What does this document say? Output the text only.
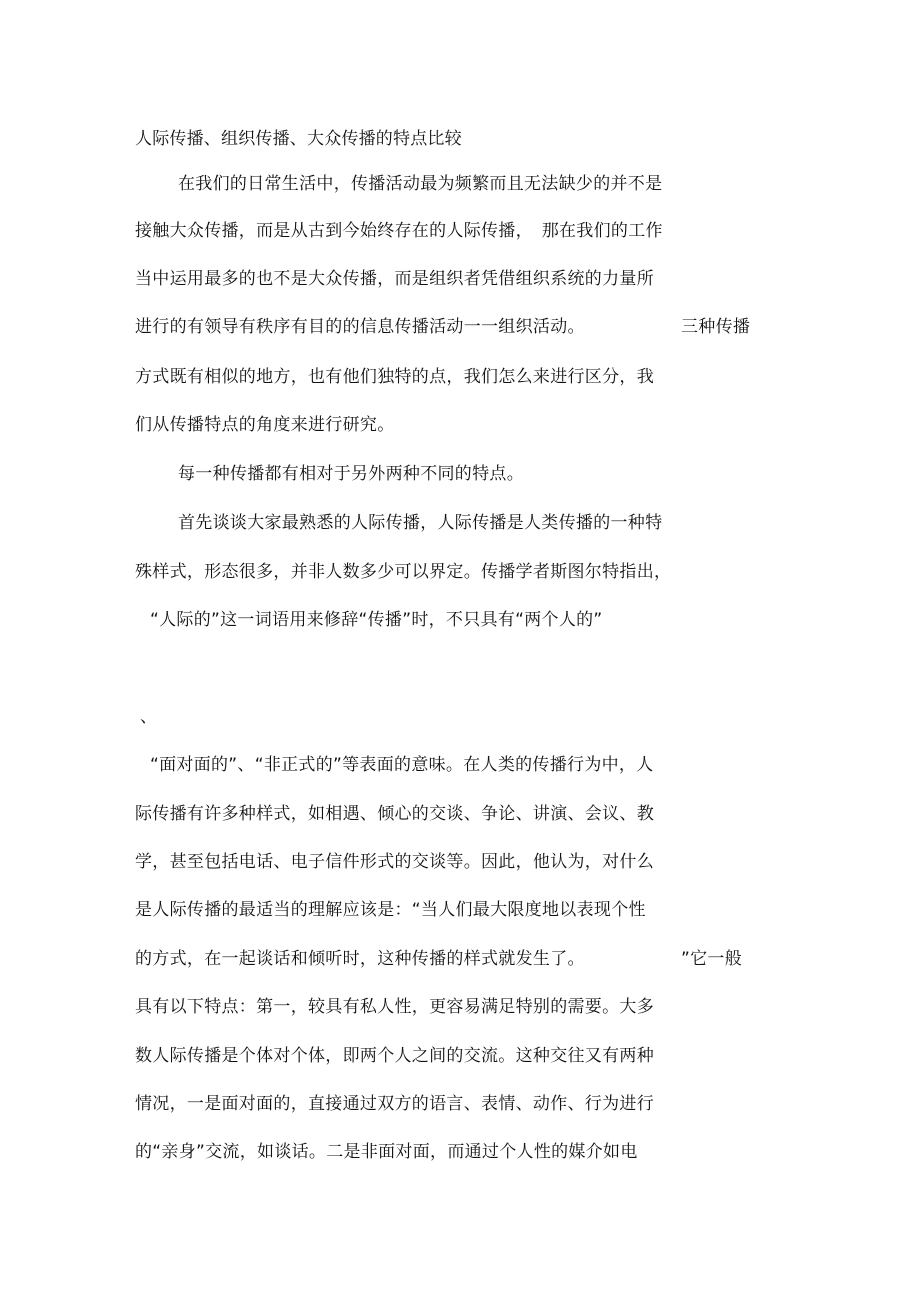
人际传播、组织传播、大众传播的特点比较
在我们的日常生活中，传播活动最为频繁而且无法缺少的并不是
接触大众传播，而是从古到今始终存在的人际传播，　那在我们的工作
当中运用最多的也不是大众传播，而是组织者凭借组织系统的力量所
进行的有领导有秩序有目的的信息传播活动一一组织活动。	三种传播
方式既有相似的地方，也有他们独特的点，我们怎么来进行区分，我
们从传播特点的角度来进行研究。
每一种传播都有相对于另外两种不同的特点。
首先谈谈大家最熟悉的人际传播，人际传播是人类传播的一种特
殊样式，形态很多，并非人数多少可以界定。传播学者斯图尔特指出，
“人际的”这一词语用来修辞“传播”时，不只具有“两个人的”
、
“面对面的”、“非正式的”等表面的意味。在人类的传播行为中，人
际传播有许多种样式，如相遇、倾心的交谈、争论、讲演、会议、教
学，甚至包括电话、电子信件形式的交谈等。因此，他认为，对什么
是人际传播的最适当的理解应该是：“当人们最大限度地以表现个性
的方式，在一起谈话和倾听时，这种传播的样式就发生了。	”它一般
具有以下特点：第一，较具有私人性，更容易满足特别的需要。大多
数人际传播是个体对个体，即两个人之间的交流。这种交往又有两种
情况，一是面对面的，直接通过双方的语言、表情、动作、行为进行
的“亲身”交流，如谈话。二是非面对面，而通过个人性的媒介如电
